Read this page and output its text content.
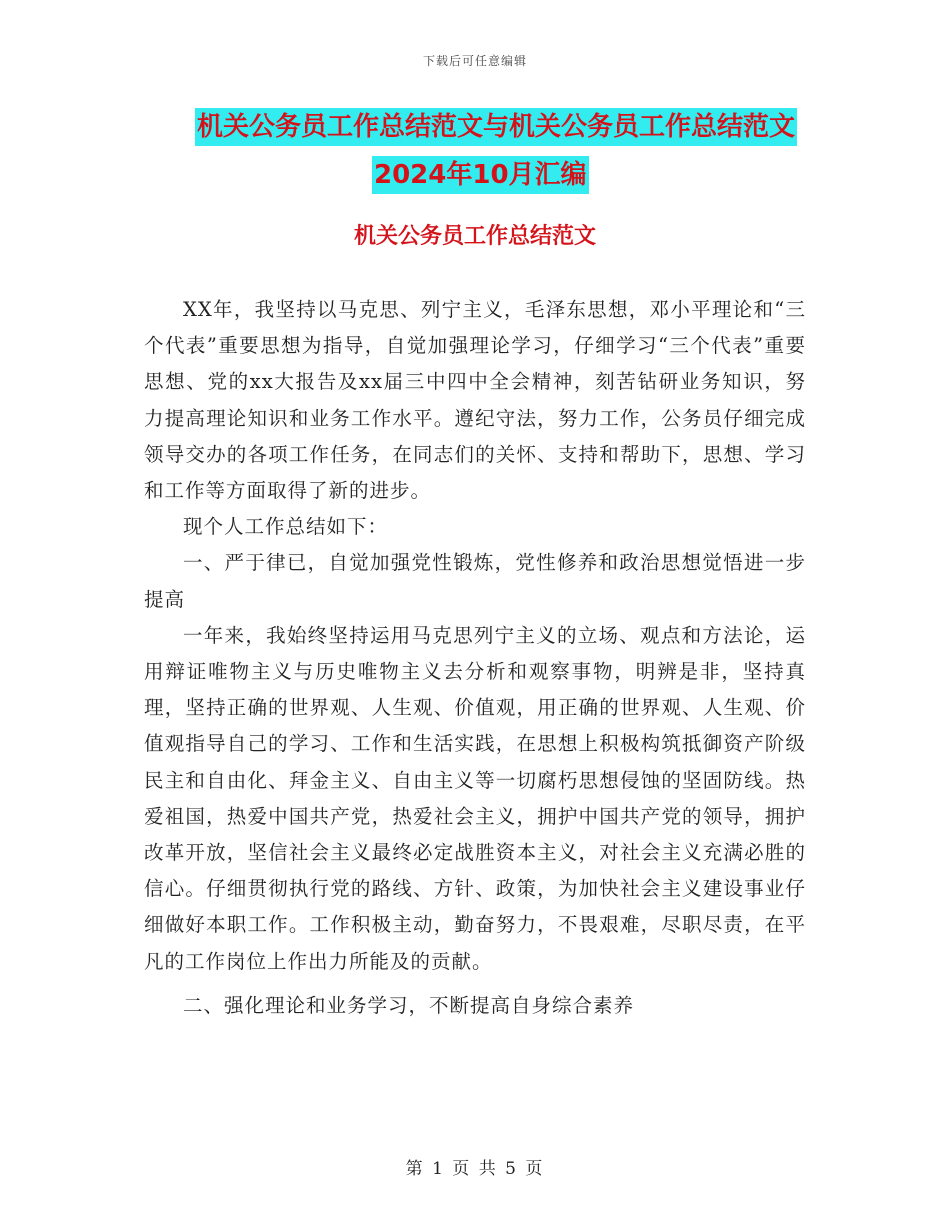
下载后可任意编辑
机关公务员工作总结范文与机关公务员工作总结范文
2024年10月汇编
机关公务员工作总结范文

XX年，我坚持以马克思、列宁主义，毛泽东思想，邓小平理论和“三个代表”重要思想为指导，自觉加强理论学习，仔细学习“三个代表”重要思想、党的xx大报告及xx届三中四中全会精神，刻苦钻研业务知识，努力提高理论知识和业务工作水平。遵纪守法，努力工作，公务员仔细完成领导交办的各项工作任务，在同志们的关怀、支持和帮助下，思想、学习和工作等方面取得了新的进步。

现个人工作总结如下：

一、严于律已，自觉加强党性锻炼，党性修养和政治思想觉悟进一步提高

一年来，我始终坚持运用马克思列宁主义的立场、观点和方法论，运用辩证唯物主义与历史唯物主义去分析和观察事物，明辨是非，坚持真理，坚持正确的世界观、人生观、价值观，用正确的世界观、人生观、价值观指导自己的学习、工作和生活实践，在思想上积极构筑抵御资产阶级民主和自由化、拜金主义、自由主义等一切腐朽思想侵蚀的坚固防线。热爱祖国，热爱中国共产党，热爱社会主义，拥护中国共产党的领导，拥护改革开放，坚信社会主义最终必定战胜资本主义，对社会主义充满必胜的信心。仔细贯彻执行党的路线、方针、政策，为加快社会主义建设事业仔细做好本职工作。工作积极主动，勤奋努力，不畏艰难，尽职尽责，在平凡的工作岗位上作出力所能及的贡献。

二、强化理论和业务学习，不断提高自身综合素养

第 1 页 共 5 页
